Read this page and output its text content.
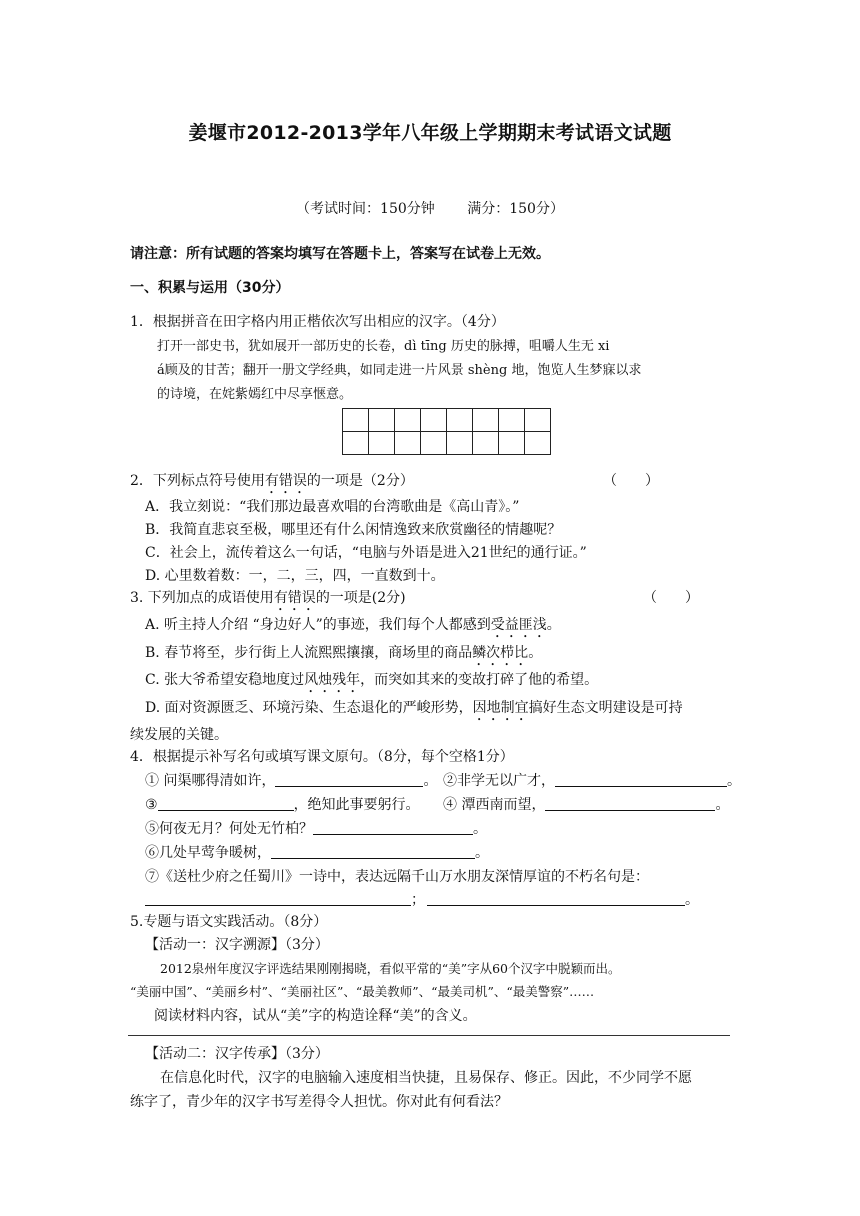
姜堰市2012-2013学年八年级上学期期末考试语文试题
（考试时间：150分钟　　 满分：150分）
请注意：所有试题的答案均填写在答题卡上，答案写在试卷上无效。
一、积累与运用（30分）
1．根据拼音在田字格内用正楷依次写出相应的汉字。（4分）
打开一部史书，犹如展开一部历史的长卷，dì tīng 历史的脉搏，咀嚼人生无 xi
á顾及的甘苦；翻开一册文学经典，如同走进一片风景 shèng 地，饱览人生梦寐以求
的诗境，在姹紫嫣红中尽享惬意。

2．下列标点符号使用有错误的一项是（2分）	（　　）
A．我立刻说：“我们那边最喜欢唱的台湾歌曲是《高山青》。”
B．我简直悲哀至极，哪里还有什么闲情逸致来欣赏幽径的情趣呢？
C．社会上，流传着这么一句话，“电脑与外语是进入21世纪的通行证。”
D. 心里数着数：一，二，三，四，一直数到十。
3. 下列加点的成语使用有错误的一项是(2分)	（　　）
A. 听主持人介绍 “身边好人”的事迹，我们每个人都感到受益匪浅。
B. 春节将至，步行街上人流熙熙攘攘，商场里的商品鳞次栉比。
C. 张大爷希望安稳地度过风烛残年，而突如其来的变故打碎了他的希望。
D. 面对资源匮乏、环境污染、生态退化的严峻形势，因地制宜搞好生态文明建设是可持
续发展的关键。
4．根据提示补写名句或填写课文原句。（8分，每个空格1分）
① 问渠哪得清如许，	。 ②非学无以广才，	。
③	，绝知此事要躬行。 ④ 潭西南而望，	。
⑤何夜无月？何处无竹柏？	。
⑥几处早莺争暖树，	。
⑦《送杜少府之任蜀川》一诗中，表达远隔千山万水朋友深情厚谊的不朽名句是：
；	。
5.专题与语文实践活动。（8分）
【活动一：汉字溯源】（3分）
2012泉州年度汉字评选结果刚刚揭晓，看似平常的“美”字从60个汉字中脱颖而出。
“美丽中国”、“美丽乡村”、“美丽社区”、“最美教师”、“最美司机”、“最美警察”……
阅读材料内容，试从“美”字的构造诠释“美”的含义。
【活动二：汉字传承】（3分）
在信息化时代，汉字的电脑输入速度相当快捷，且易保存、修正。因此，不少同学不愿
练字了，青少年的汉字书写差得令人担忧。你对此有何看法？
